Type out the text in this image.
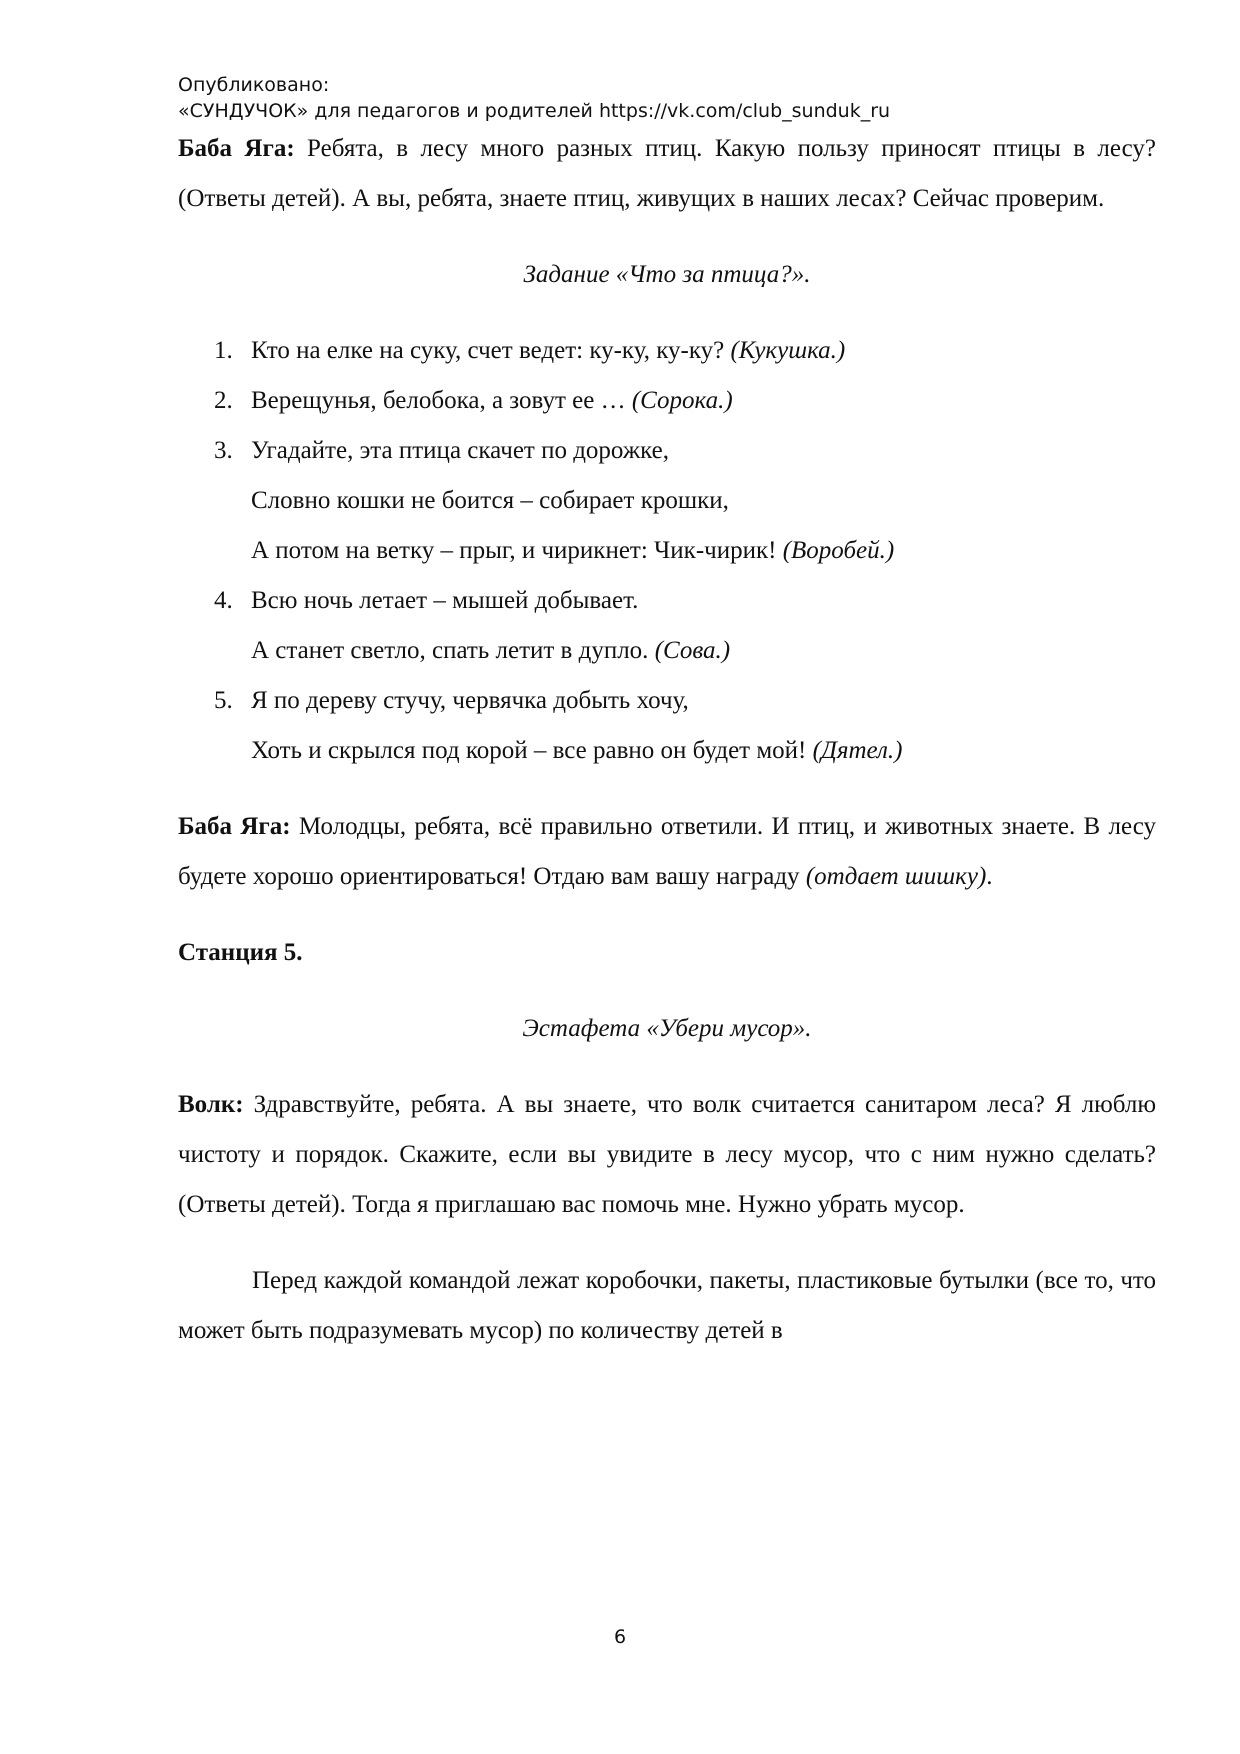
Опубликовано:
«СУНДУЧОК» для педагогов и родителей https://vk.com/club_sunduk_ru

Баба Яга: Ребята, в лесу много разных птиц. Какую пользу приносят птицы в лесу? (Ответы детей). А вы, ребята, знаете птиц, живущих в наших лесах? Сейчас проверим.

Задание «Что за птица?».

1. Кто на елке на суку, счет ведет: ку-ку, ку-ку? (Кукушка.)
2. Верещунья, белобока, а зовут ее … (Сорока.)
3. Угадайте, эта птица скачет по дорожке,
Словно кошки не боится – собирает крошки,
А потом на ветку – прыг, и чирикнет: Чик-чирик! (Воробей.)
4. Всю ночь летает – мышей добывает.
А станет светло, спать летит в дупло. (Сова.)
5. Я по дереву стучу, червячка добыть хочу,
Хоть и скрылся под корой – все равно он будет мой! (Дятел.)

Баба Яга: Молодцы, ребята, всё правильно ответили. И птиц, и животных знаете. В лесу будете хорошо ориентироваться! Отдаю вам вашу награду (отдает шишку).

Станция 5.

Эстафета «Убери мусор».

Волк: Здравствуйте, ребята. А вы знаете, что волк считается санитаром леса? Я люблю чистоту и порядок. Скажите, если вы увидите в лесу мусор, что с ним нужно сделать? (Ответы детей). Тогда я приглашаю вас помочь мне. Нужно убрать мусор.

Перед каждой командой лежат коробочки, пакеты, пластиковые бутылки (все то, что может быть подразумевать мусор) по количеству детей в

6
